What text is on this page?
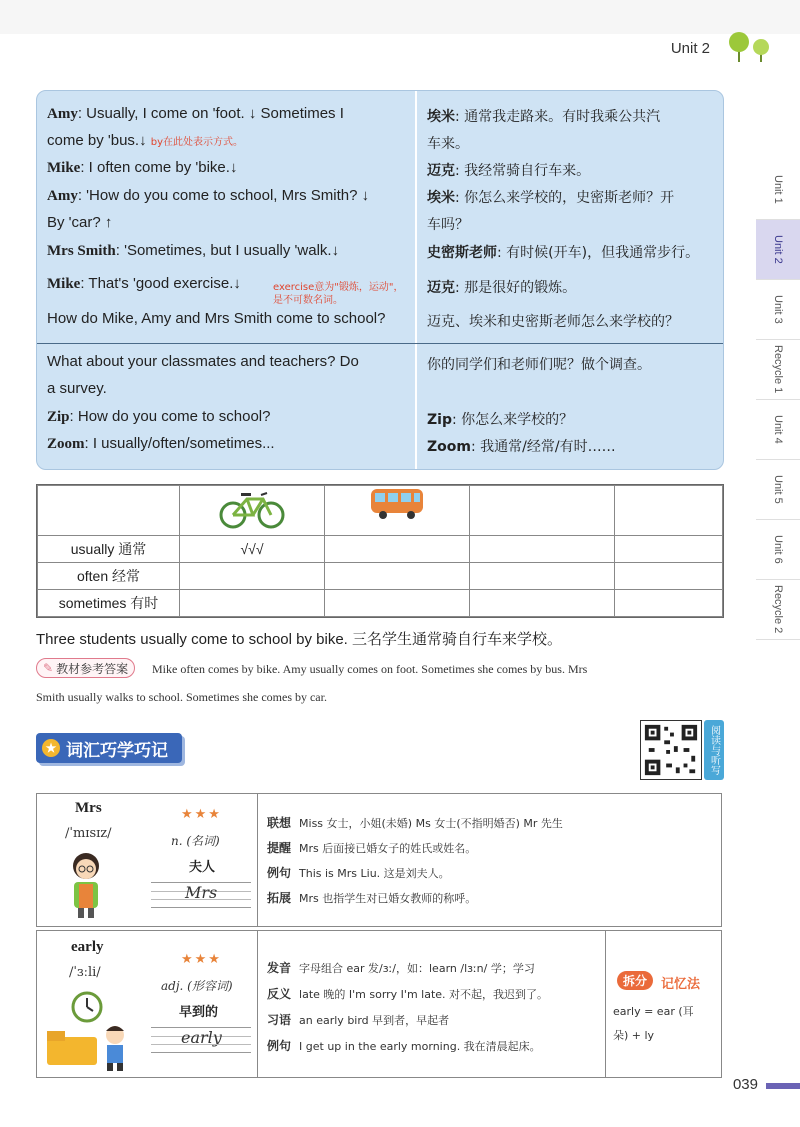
Unit 2
Amy: Usually, I come on 'foot. ↓ Sometimes I
come by 'bus.↓ by在此处表示方式。
Mike: I often come by 'bike.↓
Amy: 'How do you come to school, Mrs Smith? ↓
By 'car? ↑
Mrs Smith: 'Sometimes, but I usually 'walk.↓
Mike: That's 'good exercise.↓	exercise意为"锻炼，运动"，是不可数名词。
How do Mike, Amy and Mrs Smith come to school?
What about your classmates and teachers? Do
a survey.
Zip: How do you come to school?
Zoom: I usually/often/sometimes...
埃米: 通常我走路来。有时我乘公共汽
车来。
迈克: 我经常骑自行车来。
埃米: 你怎么来学校的，史密斯老师？开
车吗？
史密斯老师: 有时候(开车)，但我通常步行。
迈克: 那是很好的锻炼。
迈克、埃米和史密斯老师怎么来学校的？
你的同学们和老师们呢？做个调查。
Zip: 你怎么来学校的？
Zoom: 我通常/经常/有时……

usually 通常	√√√			
often 经常				
sometimes 有时				
Three students usually come to school by bike. 三名学生通常骑自行车来学校。
✎ 教材参考答案 Mike often comes by bike. Amy usually comes on foot. Sometimes she comes by bus. Mrs
Smith usually walks to school. Sometimes she comes by car.
★ 词汇巧学巧记	阅读与听写
Mrs
/ˈmɪsɪz/
★★★
n. (名词)
夫人
Mrs
联想 Miss 女士，小姐(未婚) Ms 女士(不指明婚否) Mr 先生
提醒 Mrs 后面接已婚女子的姓氏或姓名。
例句 This is Mrs Liu. 这是刘夫人。
拓展 Mrs 也指学生对已婚女教师的称呼。
early
/ˈɜːli/
★★★
adj. (形容词)
早到的
early
发音 字母组合 ear 发/ɜː/，如：learn /lɜːn/ 学；学习
反义 late 晚的 I'm sorry I'm late. 对不起，我迟到了。
习语 an early bird 早到者，早起者
例句 I get up in the early morning. 我在清晨起床。
拆分	记忆法
early = ear (耳
朵) + ly
Unit 1
Unit 2
Unit 3
Recycle 1
Unit 4
Unit 5
Unit 6
Recycle 2
039
